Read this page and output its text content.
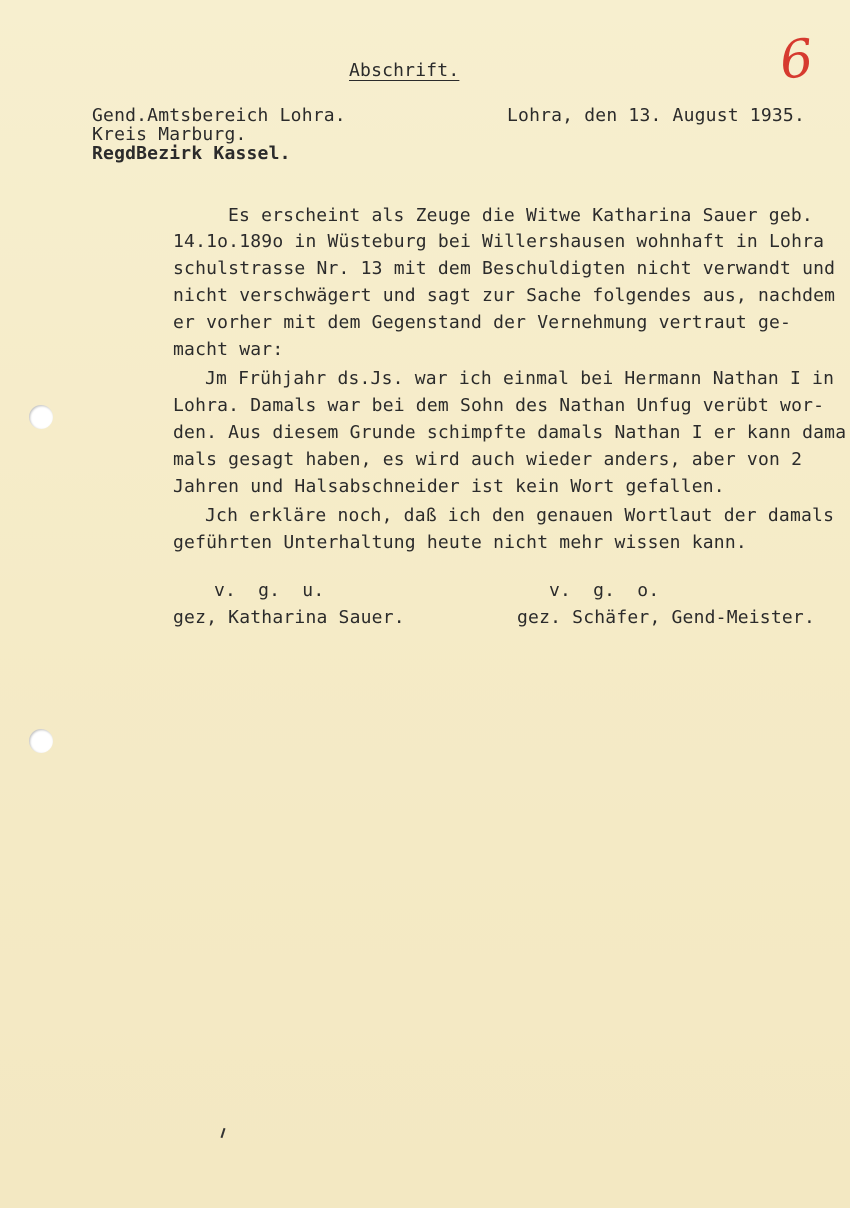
Abschrift.	6
Gend.Amtsbereich Lohra.
Kreis Marburg.
RegdBezirk Kassel.
Lohra, den 13. August 1935.
Es erscheint als Zeuge die Witwe Katharina Sauer geb.
14.1o.189o in Wüsteburg bei Willershausen wohnhaft in Lohra
schulstrasse Nr. 13 mit dem Beschuldigten nicht verwandt und
nicht verschwägert und sagt zur Sache folgendes aus, nachdem
er vorher mit dem Gegenstand der Vernehmung vertraut ge-
macht war:
Jm Frühjahr ds.Js. war ich einmal bei Hermann Nathan I in
Lohra. Damals war bei dem Sohn des Nathan Unfug verübt wor-
den. Aus diesem Grunde schimpfte damals Nathan I er kann dama
mals gesagt haben, es wird auch wieder anders, aber von 2
Jahren und Halsabschneider ist kein Wort gefallen.
Jch erkläre noch, daß ich den genauen Wortlaut der damals
geführten Unterhaltung heute nicht mehr wissen kann.
v.  g.  u.
gez, Katharina Sauer.
v.  g.  o.
gez. Schäfer, Gend-Meister.
